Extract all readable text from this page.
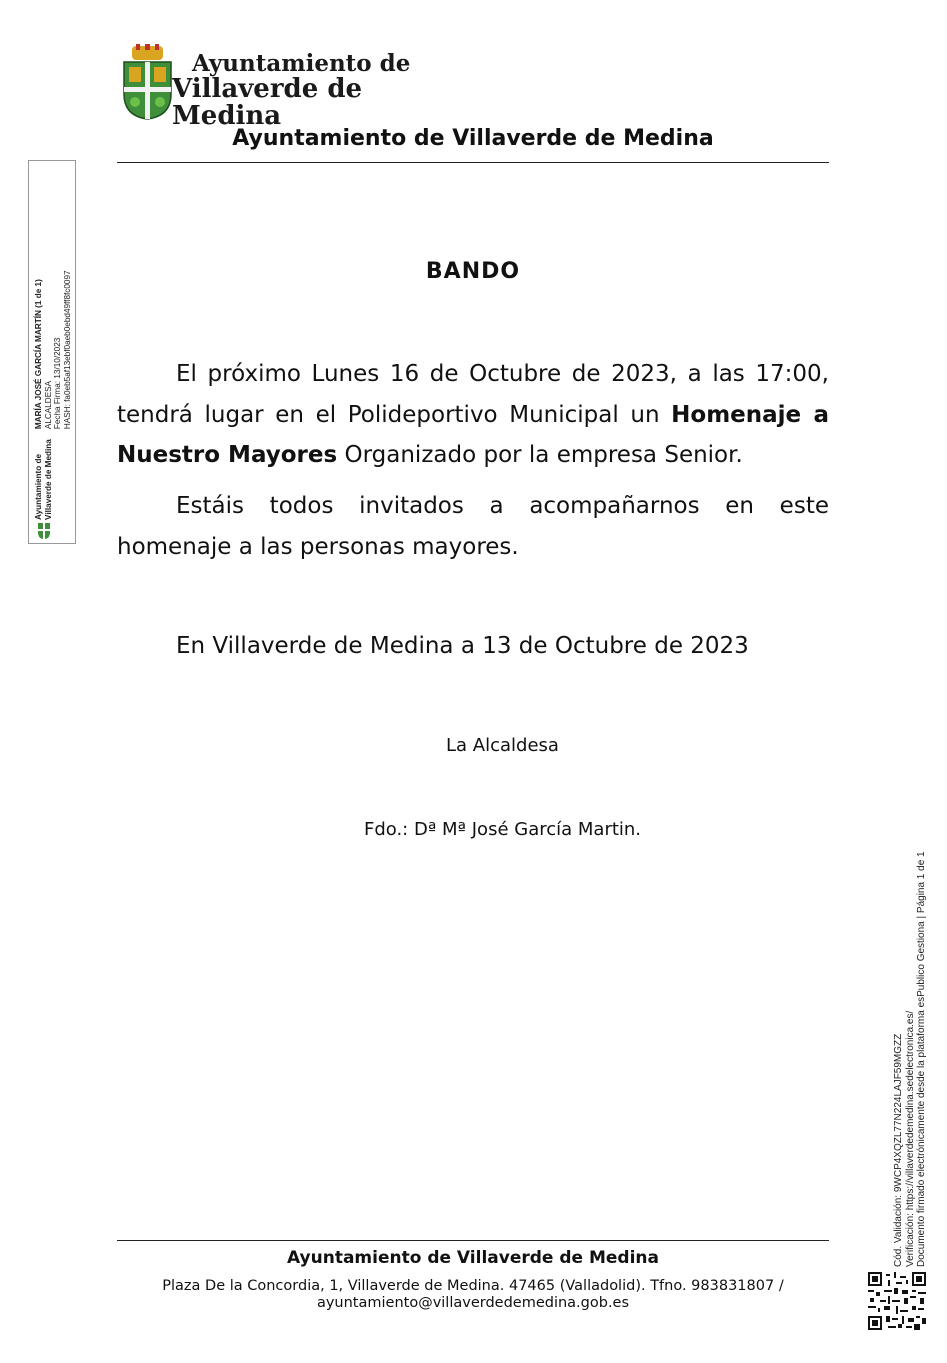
Ayuntamiento de
Villaverde de Medina
Ayuntamiento de Villaverde de Medina
BANDO
El próximo Lunes 16 de Octubre de 2023, a las 17:00, tendrá lugar en el Polideportivo Municipal un Homenaje a Nuestro Mayores Organizado por la empresa Senior.
Estáis todos invitados a acompañarnos en este homenaje a las personas mayores.
En Villaverde de Medina a 13 de Octubre de 2023
La Alcaldesa
Fdo.: Dª Mª José García Martin.
Ayuntamiento de Villaverde de Medina
Plaza De la Concordia, 1, Villaverde de Medina. 47465 (Valladolid). Tfno. 983831807 /
ayuntamiento@villaverdedemedina.gob.es
Ayuntamiento de Villaverde de Medina
MARÍA JOSÉ GARCÍA MARTÍN (1 de 1) ALCALDESA Fecha Firma: 13/10/2023 HASH: fa0eb5af13ebf0aeb0ebd49ff8fc0097
Cód. Validación: 9WCP4XQZL77N224LAJF59MGZZ Verificación: https://villaverdedemedina.sedelectronica.es/ Documento firmado electrónicamente desde la plataforma esPublico Gestiona | Página 1 de 1
